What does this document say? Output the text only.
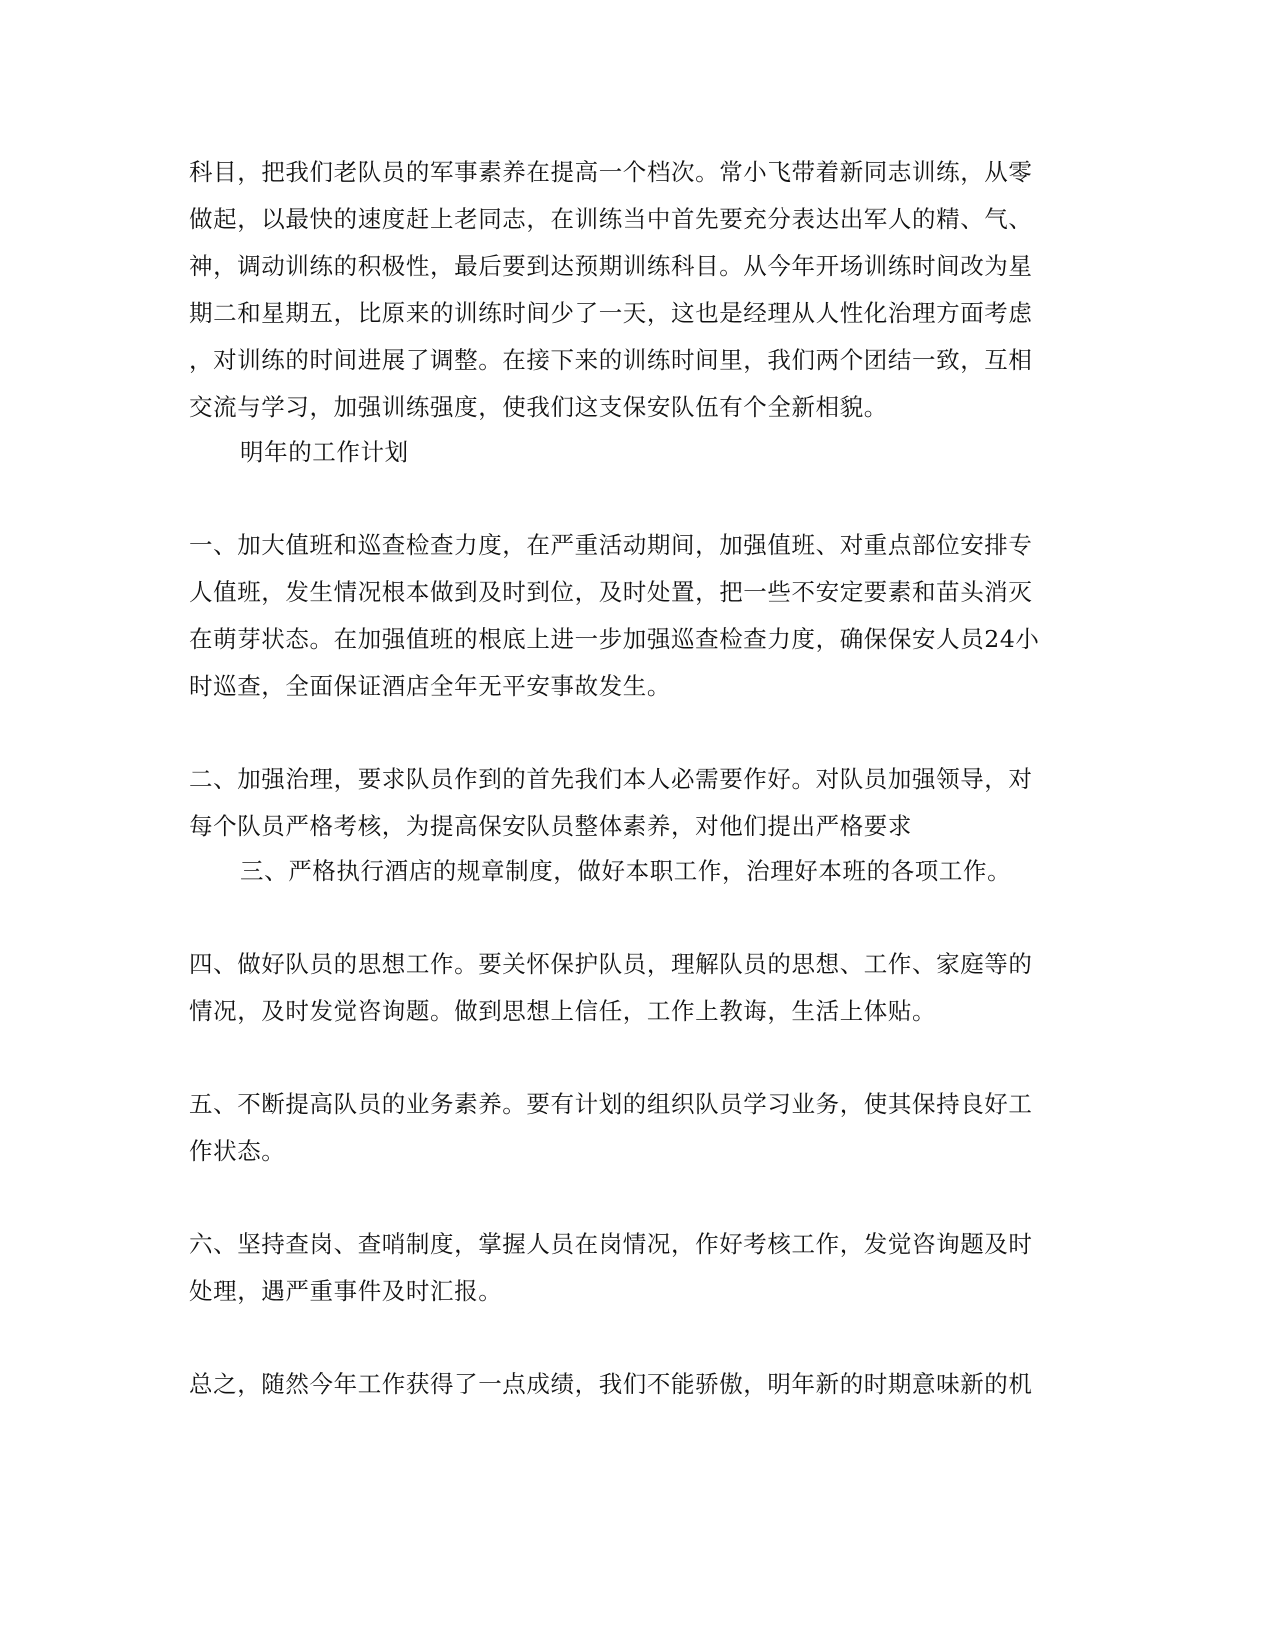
科目，把我们老队员的军事素养在提高一个档次。常小飞带着新同志训练，从零
做起，以最快的速度赶上老同志，在训练当中首先要充分表达出军人的精、气、
神，调动训练的积极性，最后要到达预期训练科目。从今年开场训练时间改为星
期二和星期五，比原来的训练时间少了一天，这也是经理从人性化治理方面考虑
，对训练的时间进展了调整。在接下来的训练时间里，我们两个团结一致，互相
交流与学习，加强训练强度，使我们这支保安队伍有个全新相貌。
明年的工作计划
一、加大值班和巡查检查力度，在严重活动期间，加强值班、对重点部位安排专
人值班，发生情况根本做到及时到位，及时处置，把一些不安定要素和苗头消灭
在萌芽状态。在加强值班的根底上进一步加强巡查检查力度，确保保安人员24小
时巡查，全面保证酒店全年无平安事故发生。
二、加强治理，要求队员作到的首先我们本人必需要作好。对队员加强领导，对
每个队员严格考核，为提高保安队员整体素养，对他们提出严格要求
三、严格执行酒店的规章制度，做好本职工作，治理好本班的各项工作。
四、做好队员的思想工作。要关怀保护队员，理解队员的思想、工作、家庭等的
情况，及时发觉咨询题。做到思想上信任，工作上教诲，生活上体贴。
五、不断提高队员的业务素养。要有计划的组织队员学习业务，使其保持良好工
作状态。
六、坚持查岗、查哨制度，掌握人员在岗情况，作好考核工作，发觉咨询题及时
处理，遇严重事件及时汇报。
总之，随然今年工作获得了一点成绩，我们不能骄傲，明年新的时期意味新的机
